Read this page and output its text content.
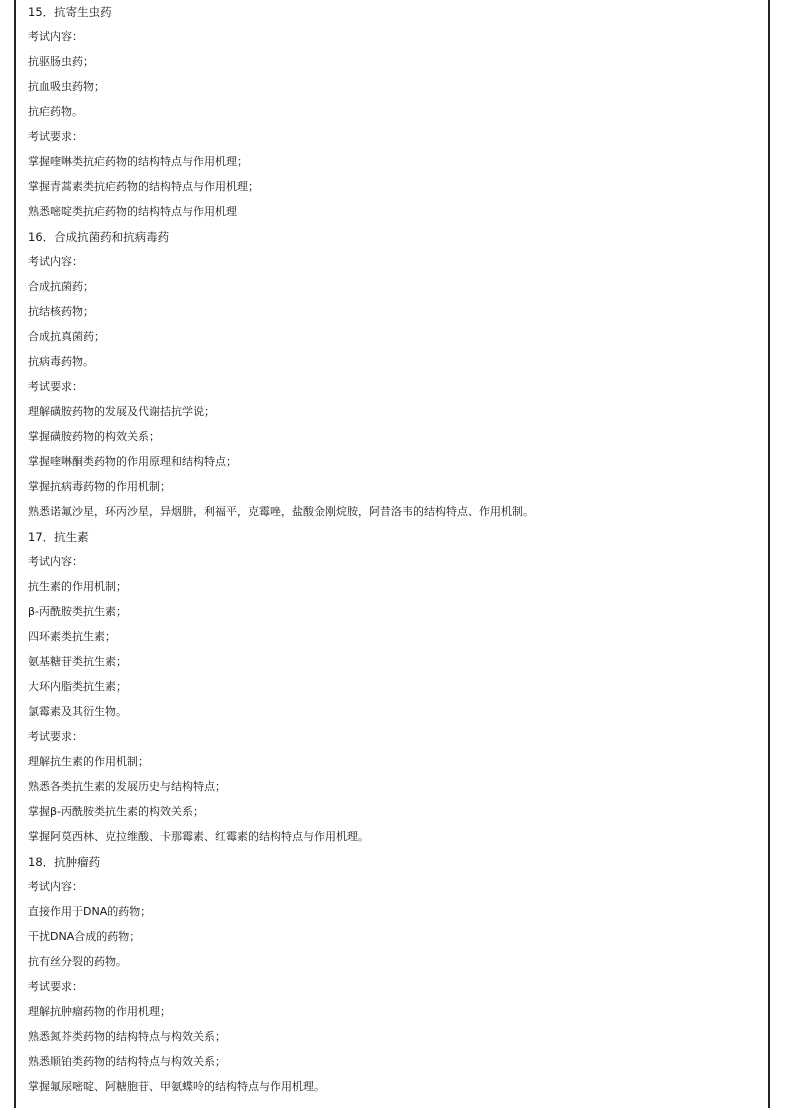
15．抗寄生虫药
考试内容：
抗驱肠虫药；
抗血吸虫药物；
抗疟药物。
考试要求：
掌握喹啉类抗疟药物的结构特点与作用机理；
掌握青蒿素类抗疟药物的结构特点与作用机理；
熟悉嘧啶类抗疟药物的结构特点与作用机理
16．合成抗菌药和抗病毒药
考试内容：
合成抗菌药；
抗结核药物；
合成抗真菌药；
抗病毒药物。
考试要求：
理解磺胺药物的发展及代谢拮抗学说；
掌握磺胺药物的构效关系；
掌握喹啉酮类药物的作用原理和结构特点；
掌握抗病毒药物的作用机制；
熟悉诺氟沙星，环丙沙星，异烟肼，利福平，克霉唑，盐酸金刚烷胺，阿昔洛韦的结构特点、作用机制。
17．抗生素
考试内容：
抗生素的作用机制；
β-丙酰胺类抗生素；
四环素类抗生素；
氨基糖苷类抗生素；
大环内脂类抗生素；
氯霉素及其衍生物。
考试要求：
理解抗生素的作用机制；
熟悉各类抗生素的发展历史与结构特点；
掌握β-丙酰胺类抗生素的构效关系；
掌握阿莫西林、克拉维酸、卡那霉素、红霉素的结构特点与作用机理。
18．抗肿瘤药
考试内容：
直接作用于DNA的药物；
干扰DNA合成的药物；
抗有丝分裂的药物。
考试要求：
理解抗肿瘤药物的作用机理；
熟悉氮芥类药物的结构特点与构效关系；
熟悉顺铂类药物的结构特点与构效关系；
掌握氟尿嘧啶、阿糖胞苷、甲氨蝶呤的结构特点与作用机理。
